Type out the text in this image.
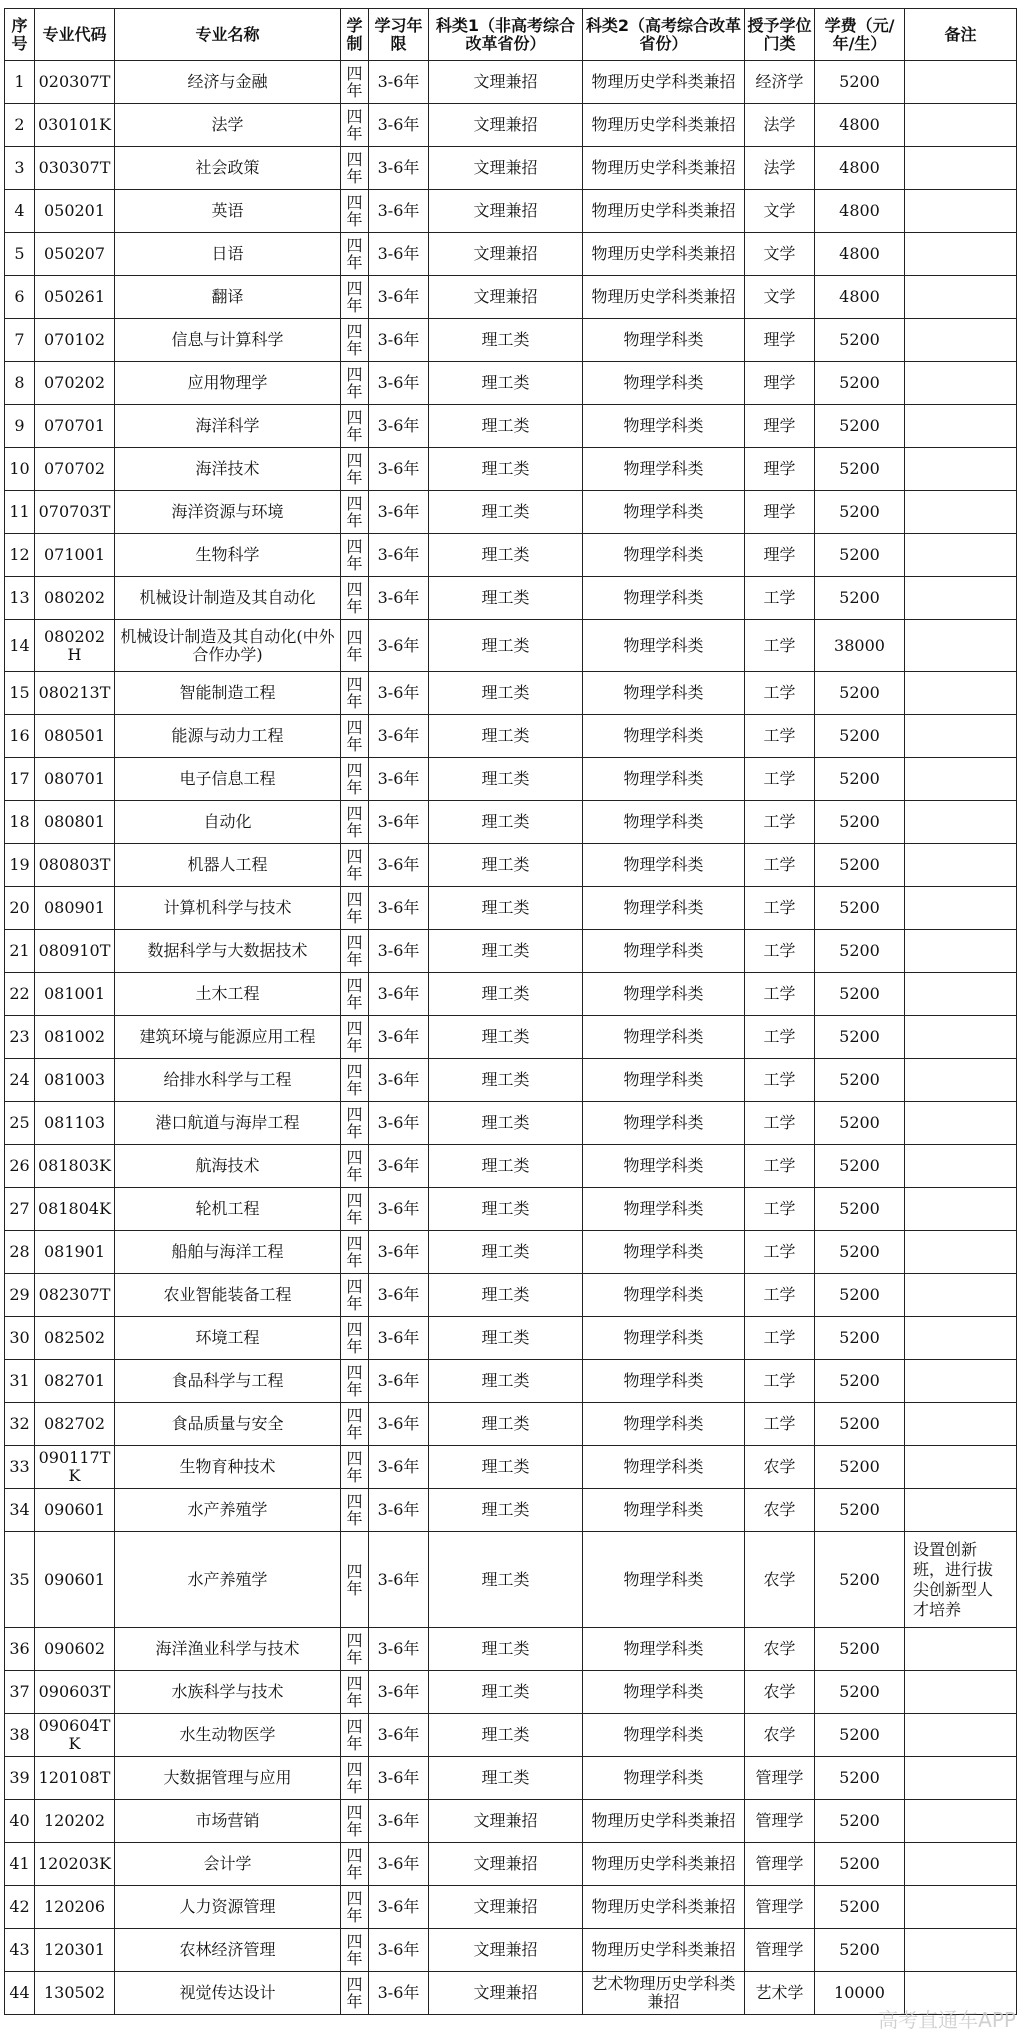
序号	专业代码	专业名称	学制	学习年限	科类1（非高考综合改革省份）	科类2（高考综合改革省份）	授予学位门类	学费（元/年/生）	备注
1	020307T	经济与金融	四年	3-6年	文理兼招	物理历史学科类兼招	经济学	5200	
2	030101K	法学	四年	3-6年	文理兼招	物理历史学科类兼招	法学	4800	
3	030307T	社会政策	四年	3-6年	文理兼招	物理历史学科类兼招	法学	4800	
4	050201	英语	四年	3-6年	文理兼招	物理历史学科类兼招	文学	4800	
5	050207	日语	四年	3-6年	文理兼招	物理历史学科类兼招	文学	4800	
6	050261	翻译	四年	3-6年	文理兼招	物理历史学科类兼招	文学	4800	
7	070102	信息与计算科学	四年	3-6年	理工类	物理学科类	理学	5200	
8	070202	应用物理学	四年	3-6年	理工类	物理学科类	理学	5200	
9	070701	海洋科学	四年	3-6年	理工类	物理学科类	理学	5200	
10	070702	海洋技术	四年	3-6年	理工类	物理学科类	理学	5200	
11	070703T	海洋资源与环境	四年	3-6年	理工类	物理学科类	理学	5200	
12	071001	生物科学	四年	3-6年	理工类	物理学科类	理学	5200	
13	080202	机械设计制造及其自动化	四年	3-6年	理工类	物理学科类	工学	5200	
14	080202H	机械设计制造及其自动化(中外合作办学)	四年	3-6年	理工类	物理学科类	工学	38000	
15	080213T	智能制造工程	四年	3-6年	理工类	物理学科类	工学	5200	
16	080501	能源与动力工程	四年	3-6年	理工类	物理学科类	工学	5200	
17	080701	电子信息工程	四年	3-6年	理工类	物理学科类	工学	5200	
18	080801	自动化	四年	3-6年	理工类	物理学科类	工学	5200	
19	080803T	机器人工程	四年	3-6年	理工类	物理学科类	工学	5200	
20	080901	计算机科学与技术	四年	3-6年	理工类	物理学科类	工学	5200	
21	080910T	数据科学与大数据技术	四年	3-6年	理工类	物理学科类	工学	5200	
22	081001	土木工程	四年	3-6年	理工类	物理学科类	工学	5200	
23	081002	建筑环境与能源应用工程	四年	3-6年	理工类	物理学科类	工学	5200	
24	081003	给排水科学与工程	四年	3-6年	理工类	物理学科类	工学	5200	
25	081103	港口航道与海岸工程	四年	3-6年	理工类	物理学科类	工学	5200	
26	081803K	航海技术	四年	3-6年	理工类	物理学科类	工学	5200	
27	081804K	轮机工程	四年	3-6年	理工类	物理学科类	工学	5200	
28	081901	船舶与海洋工程	四年	3-6年	理工类	物理学科类	工学	5200	
29	082307T	农业智能装备工程	四年	3-6年	理工类	物理学科类	工学	5200	
30	082502	环境工程	四年	3-6年	理工类	物理学科类	工学	5200	
31	082701	食品科学与工程	四年	3-6年	理工类	物理学科类	工学	5200	
32	082702	食品质量与安全	四年	3-6年	理工类	物理学科类	工学	5200	
33	090117TK	生物育种技术	四年	3-6年	理工类	物理学科类	农学	5200	
34	090601	水产养殖学	四年	3-6年	理工类	物理学科类	农学	5200	
35	090601	水产养殖学	四年	3-6年	理工类	物理学科类	农学	5200	设置创新班，进行拔尖创新型人才培养
36	090602	海洋渔业科学与技术	四年	3-6年	理工类	物理学科类	农学	5200	
37	090603T	水族科学与技术	四年	3-6年	理工类	物理学科类	农学	5200	
38	090604TK	水生动物医学	四年	3-6年	理工类	物理学科类	农学	5200	
39	120108T	大数据管理与应用	四年	3-6年	理工类	物理学科类	管理学	5200	
40	120202	市场营销	四年	3-6年	文理兼招	物理历史学科类兼招	管理学	5200	
41	120203K	会计学	四年	3-6年	文理兼招	物理历史学科类兼招	管理学	5200	
42	120206	人力资源管理	四年	3-6年	文理兼招	物理历史学科类兼招	管理学	5200	
43	120301	农林经济管理	四年	3-6年	文理兼招	物理历史学科类兼招	管理学	5200	
44	130502	视觉传达设计	四年	3-6年	文理兼招	艺术物理历史学科类兼招	艺术学	10000	
高考直通车APP
